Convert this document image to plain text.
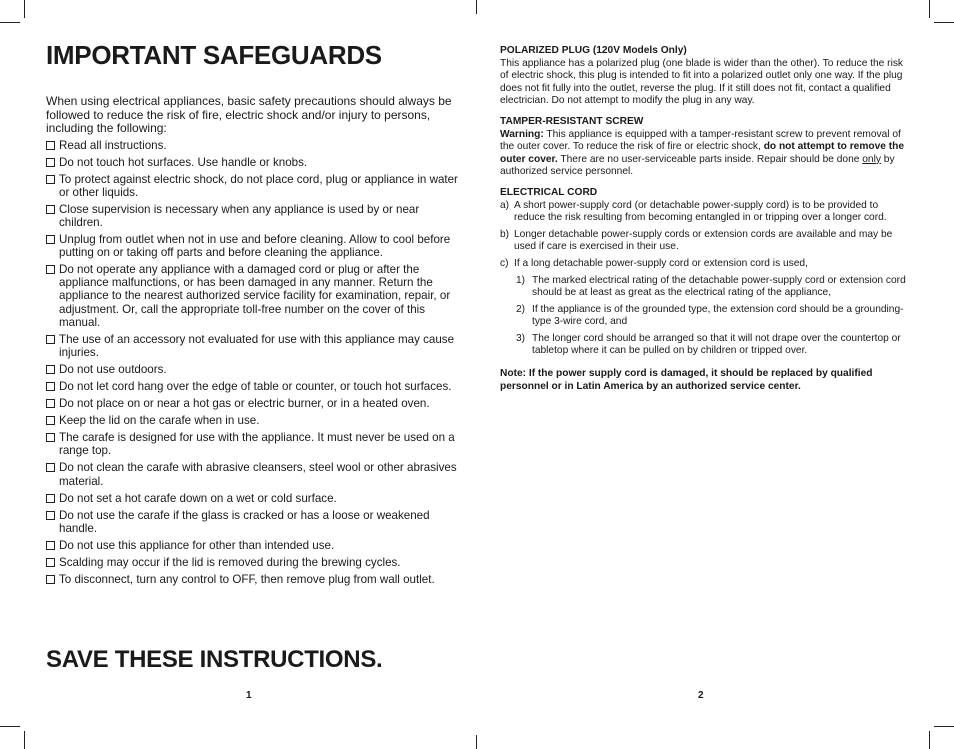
IMPORTANT SAFEGUARDS
When using electrical appliances, basic safety precautions should always be followed to reduce the risk of fire, electric shock and/or injury to persons, including the following:
Read all instructions.
Do not touch hot surfaces. Use handle or knobs.
To protect against electric shock, do not place cord, plug or appliance in water or other liquids.
Close supervision is necessary when any appliance is used by or near children.
Unplug from outlet when not in use and before cleaning. Allow to cool before putting on or taking off parts and before cleaning the appliance.
Do not operate any appliance with a damaged cord or plug or after the appliance malfunctions, or has been damaged in any manner. Return the appliance to the nearest authorized service facility for examination, repair, or adjustment. Or, call the appropriate toll-free number on the cover of this manual.
The use of an accessory not evaluated for use with this appliance may cause injuries.
Do not use outdoors.
Do not let cord hang over the edge of table or counter, or touch hot surfaces.
Do not place on or near a hot gas or electric burner, or in a heated oven.
Keep the lid on the carafe when in use.
The carafe is designed for use with the appliance. It must never be used on a range top.
Do not clean the carafe with abrasive cleansers, steel wool or other abrasives material.
Do not set a hot carafe down on a wet or cold surface.
Do not use the carafe if the glass is cracked or has a loose or weakened handle.
Do not use this appliance for other than intended use.
Scalding may occur if the lid is removed during the brewing cycles.
To disconnect, turn any control to OFF, then remove plug from wall outlet.
SAVE THESE INSTRUCTIONS.
1

POLARIZED PLUG (120V Models Only)

This appliance has a polarized plug (one blade is wider than the other). To reduce the risk of electric shock, this plug is intended to fit into a polarized outlet only one way. If the plug does not fit fully into the outlet, reverse the plug. If it still does not fit, contact a qualified electrician. Do not attempt to modify the plug in any way.

TAMPER-RESISTANT SCREW

Warning: This appliance is equipped with a tamper-resistant screw to prevent removal of the outer cover. To reduce the risk of fire or electric shock, do not attempt to remove the outer cover. There are no user-serviceable parts inside. Repair should be done only by authorized service personnel.

ELECTRICAL CORD

a) A short power-supply cord (or detachable power-supply cord) is to be provided to reduce the risk resulting from becoming entangled in or tripping over a longer cord.

b) Longer detachable power-supply cords or extension cords are available and may be used if care is exercised in their use.

c) If a long detachable power-supply cord or extension cord is used,

1) The marked electrical rating of the detachable power-supply cord or extension cord should be at least as great as the electrical rating of the appliance,

2) If the appliance is of the grounded type, the extension cord should be a grounding-type 3-wire cord, and

3) The longer cord should be arranged so that it will not drape over the countertop or tabletop where it can be pulled on by children or tripped over.

Note: If the power supply cord is damaged, it should be replaced by qualified personnel or in Latin America by an authorized service center.

2
